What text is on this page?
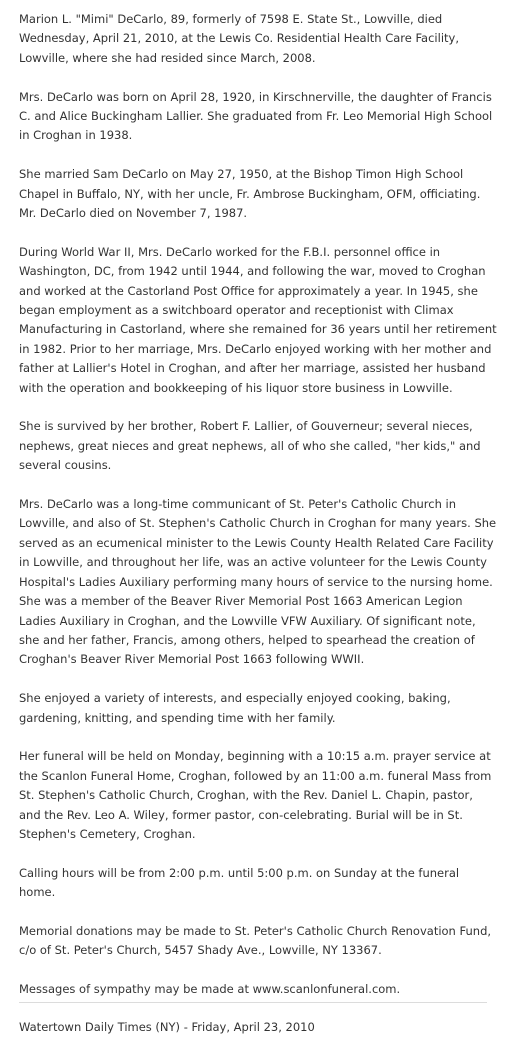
Marion L. "Mimi" DeCarlo, 89, formerly of 7598 E. State St., Lowville, died Wednesday, April 21, 2010, at the Lewis Co. Residential Health Care Facility, Lowville, where she had resided since March, 2008.

Mrs. DeCarlo was born on April 28, 1920, in Kirschnerville, the daughter of Francis C. and Alice Buckingham Lallier. She graduated from Fr. Leo Memorial High School in Croghan in 1938.

She married Sam DeCarlo on May 27, 1950, at the Bishop Timon High School Chapel in Buffalo, NY, with her uncle, Fr. Ambrose Buckingham, OFM, officiating. Mr. DeCarlo died on November 7, 1987.

During World War II, Mrs. DeCarlo worked for the F.B.I. personnel office in Washington, DC, from 1942 until 1944, and following the war, moved to Croghan and worked at the Castorland Post Office for approximately a year. In 1945, she began employment as a switchboard operator and receptionist with Climax Manufacturing in Castorland, where she remained for 36 years until her retirement in 1982. Prior to her marriage, Mrs. DeCarlo enjoyed working with her mother and father at Lallier's Hotel in Croghan, and after her marriage, assisted her husband with the operation and bookkeeping of his liquor store business in Lowville.

She is survived by her brother, Robert F. Lallier, of Gouverneur; several nieces, nephews, great nieces and great nephews, all of who she called, "her kids," and several cousins.

Mrs. DeCarlo was a long-time communicant of St. Peter's Catholic Church in Lowville, and also of St. Stephen's Catholic Church in Croghan for many years. She served as an ecumenical minister to the Lewis County Health Related Care Facility in Lowville, and throughout her life, was an active volunteer for the Lewis County Hospital's Ladies Auxiliary performing many hours of service to the nursing home. She was a member of the Beaver River Memorial Post 1663 American Legion Ladies Auxiliary in Croghan, and the Lowville VFW Auxiliary. Of significant note, she and her father, Francis, among others, helped to spearhead the creation of Croghan's Beaver River Memorial Post 1663 following WWII.

She enjoyed a variety of interests, and especially enjoyed cooking, baking, gardening, knitting, and spending time with her family.

Her funeral will be held on Monday, beginning with a 10:15 a.m. prayer service at the Scanlon Funeral Home, Croghan, followed by an 11:00 a.m. funeral Mass from St. Stephen's Catholic Church, Croghan, with the Rev. Daniel L. Chapin, pastor, and the Rev. Leo A. Wiley, former pastor, con-celebrating. Burial will be in St. Stephen's Cemetery, Croghan.

Calling hours will be from 2:00 p.m. until 5:00 p.m. on Sunday at the funeral home.

Memorial donations may be made to St. Peter's Catholic Church Renovation Fund, c/o of St. Peter's Church, 5457 Shady Ave., Lowville, NY 13367.

Messages of sympathy may be made at www.scanlonfuneral.com.

Watertown Daily Times (NY) - Friday, April 23, 2010
